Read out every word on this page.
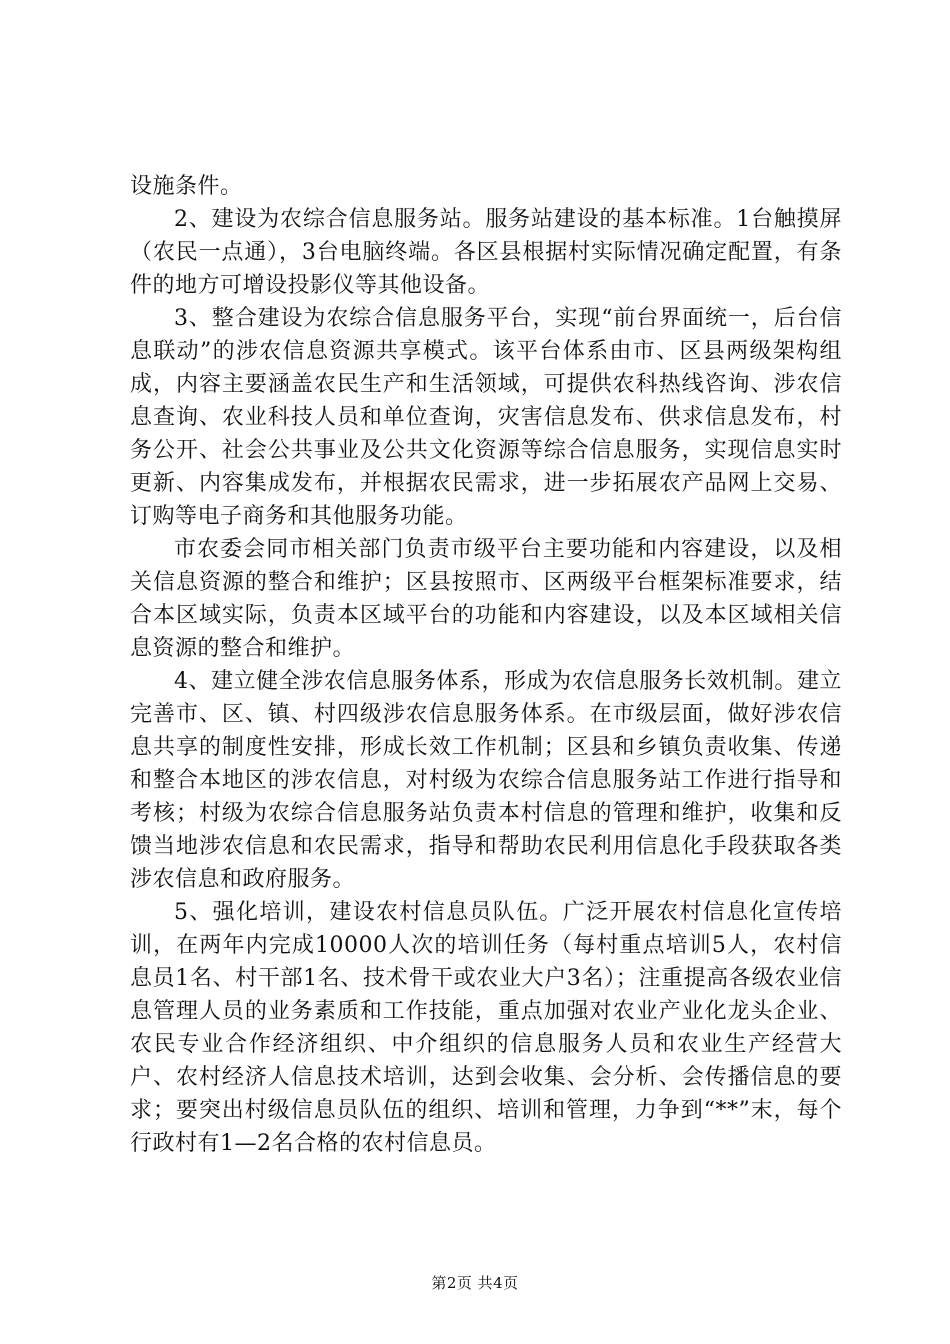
设施条件。

2、建设为农综合信息服务站。服务站建设的基本标准。1台触摸屏（农民一点通），3台电脑终端。各区县根据村实际情况确定配置，有条件的地方可增设投影仪等其他设备。

3、整合建设为农综合信息服务平台，实现“前台界面统一，后台信息联动”的涉农信息资源共享模式。该平台体系由市、区县两级架构组成，内容主要涵盖农民生产和生活领域，可提供农科热线咨询、涉农信息查询、农业科技人员和单位查询，灾害信息发布、供求信息发布，村务公开、社会公共事业及公共文化资源等综合信息服务，实现信息实时更新、内容集成发布，并根据农民需求，进一步拓展农产品网上交易、订购等电子商务和其他服务功能。

市农委会同市相关部门负责市级平台主要功能和内容建设，以及相关信息资源的整合和维护；区县按照市、区两级平台框架标准要求，结合本区域实际，负责本区域平台的功能和内容建设，以及本区域相关信息资源的整合和维护。

4、建立健全涉农信息服务体系，形成为农信息服务长效机制。建立完善市、区、镇、村四级涉农信息服务体系。在市级层面，做好涉农信息共享的制度性安排，形成长效工作机制；区县和乡镇负责收集、传递和整合本地区的涉农信息，对村级为农综合信息服务站工作进行指导和考核；村级为农综合信息服务站负责本村信息的管理和维护，收集和反馈当地涉农信息和农民需求，指导和帮助农民利用信息化手段获取各类涉农信息和政府服务。

5、强化培训，建设农村信息员队伍。广泛开展农村信息化宣传培训，在两年内完成10000人次的培训任务（每村重点培训5人，农村信息员1名、村干部1名、技术骨干或农业大户3名）；注重提高各级农业信息管理人员的业务素质和工作技能，重点加强对农业产业化龙头企业、农民专业合作经济组织、中介组织的信息服务人员和农业生产经营大户、农村经济人信息技术培训，达到会收集、会分析、会传播信息的要求；要突出村级信息员队伍的组织、培训和管理，力争到“**”末，每个行政村有1—2名合格的农村信息员。

第2页 共4页
